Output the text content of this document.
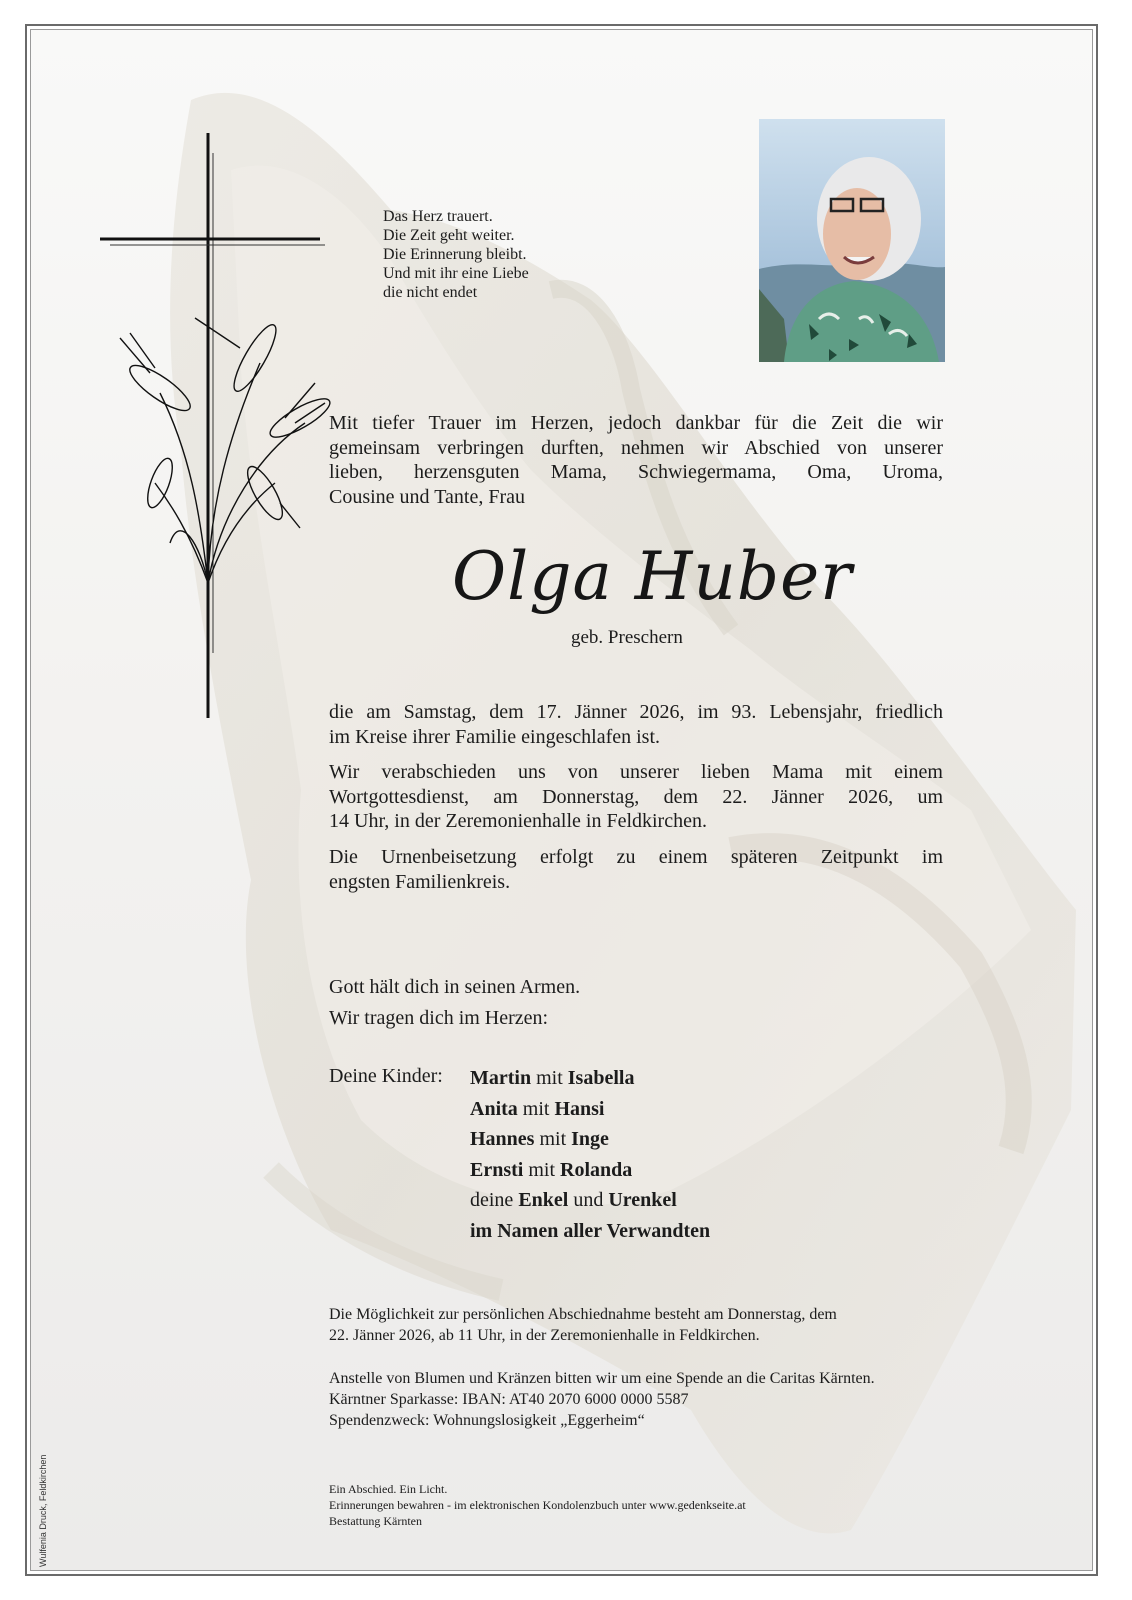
Das Herz trauert.
Die Zeit geht weiter.
Die Erinnerung bleibt.
Und mit ihr eine Liebe
die nicht endet
Mit tiefer Trauer im Herzen, jedoch dankbar für die Zeit die wir
gemeinsam verbringen durften, nehmen wir Abschied von unserer
lieben, herzensguten Mama, Schwiegermama, Oma, Uroma,
Cousine und Tante, Frau
Olga Huber
geb. Preschern
die am Samstag, dem 17. Jänner 2026, im 93. Lebensjahr, friedlich
im Kreise ihrer Familie eingeschlafen ist.
Wir verabschieden uns von unserer lieben Mama mit einem
Wortgottesdienst, am Donnerstag, dem 22. Jänner 2026, um
14 Uhr, in der Zeremonienhalle in Feldkirchen.
Die Urnenbeisetzung erfolgt zu einem späteren Zeitpunkt im
engsten Familienkreis.
Gott hält dich in seinen Armen.
Wir tragen dich im Herzen:
Deine Kinder: Martin mit Isabella
Anita mit Hansi
Hannes mit Inge
Ernsti mit Rolanda
deine Enkel und Urenkel
im Namen aller Verwandten
Die Möglichkeit zur persönlichen Abschiednahme besteht am Donnerstag, dem
22. Jänner 2026, ab 11 Uhr, in der Zeremonienhalle in Feldkirchen.
Anstelle von Blumen und Kränzen bitten wir um eine Spende an die Caritas Kärnten.
Kärntner Sparkasse: IBAN: AT40 2070 6000 0000 5587
Spendenzweck: Wohnungslosigkeit „Eggerheim“
Ein Abschied. Ein Licht.
Erinnerungen bewahren - im elektronischen Kondolenzbuch unter www.gedenkseite.at
Bestattung Kärnten
Wulfenia Druck, Feldkirchen
